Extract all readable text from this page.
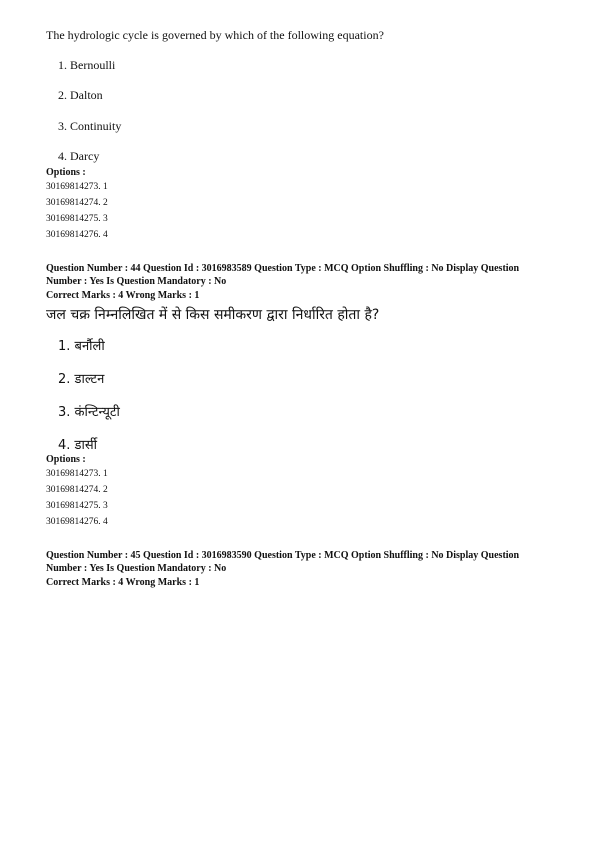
The hydrologic cycle is governed by which of the following equation?
1. Bernoulli
2. Dalton
3. Continuity
4. Darcy
Options :
30169814273. 1
30169814274. 2
30169814275. 3
30169814276. 4
Question Number : 44 Question Id : 3016983589 Question Type : MCQ Option Shuffling : No Display Question
Number : Yes Is Question Mandatory : No
Correct Marks : 4 Wrong Marks : 1
जल चक्र निम्नलिखित में से किस समीकरण द्वारा निर्धारित होता है?
1. बर्नौली
2. डाल्टन
3. कंन्टिन्यूटी
4. डार्सी
Options :
30169814273. 1
30169814274. 2
30169814275. 3
30169814276. 4
Question Number : 45 Question Id : 3016983590 Question Type : MCQ Option Shuffling : No Display Question
Number : Yes Is Question Mandatory : No
Correct Marks : 4 Wrong Marks : 1
